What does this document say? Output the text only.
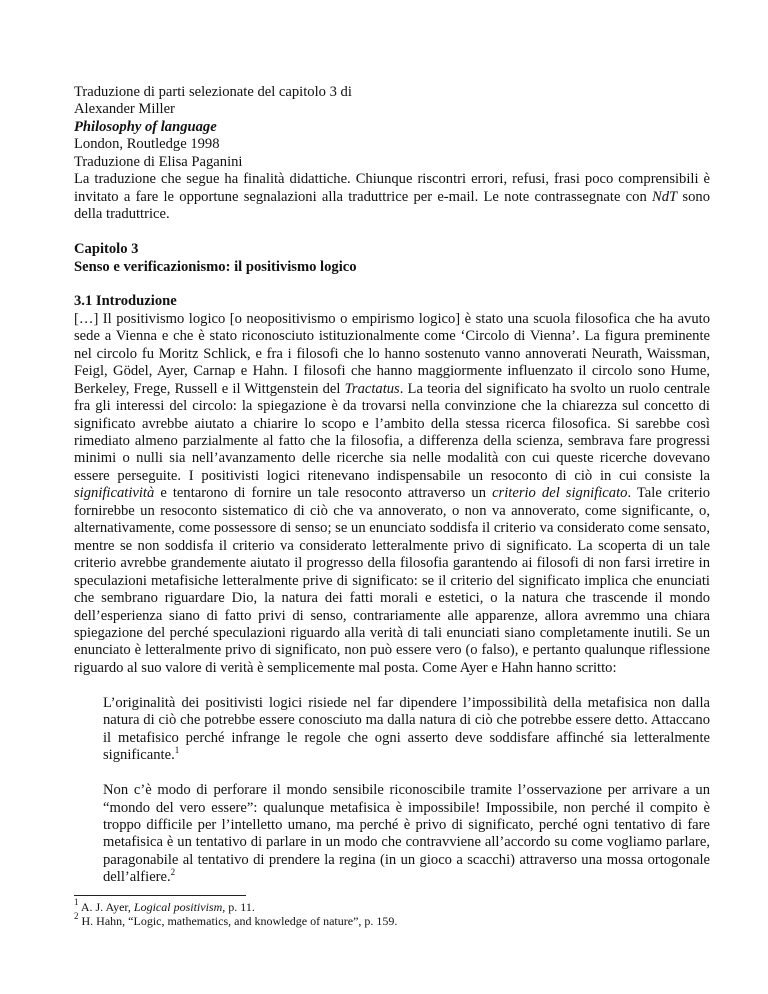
Traduzione di parti selezionate del capitolo 3 di
Alexander Miller
Philosophy of language
London, Routledge 1998
Traduzione di Elisa Paganini
La traduzione che segue ha finalità didattiche. Chiunque riscontri errori, refusi, frasi poco comprensibili è invitato a fare le opportune segnalazioni alla traduttrice per e-mail. Le note contrassegnate con NdT sono della traduttrice.
Capitolo 3
Senso e verificazionismo: il positivismo logico
3.1 Introduzione
[…] Il positivismo logico [o neopositivismo o empirismo logico] è stato una scuola filosofica che ha avuto sede a Vienna e che è stato riconosciuto istituzionalmente come ‘Circolo di Vienna’. La figura preminente nel circolo fu Moritz Schlick, e fra i filosofi che lo hanno sostenuto vanno annoverati Neurath, Waissman, Feigl, Gödel, Ayer, Carnap e Hahn. I filosofi che hanno maggiormente influenzato il circolo sono Hume, Berkeley, Frege, Russell e il Wittgenstein del Tractatus. La teoria del significato ha svolto un ruolo centrale fra gli interessi del circolo: la spiegazione è da trovarsi nella convinzione che la chiarezza sul concetto di significato avrebbe aiutato a chiarire lo scopo e l’ambito della stessa ricerca filosofica. Si sarebbe così rimediato almeno parzialmente al fatto che la filosofia, a differenza della scienza, sembrava fare progressi minimi o nulli sia nell’avanzamento delle ricerche sia nelle modalità con cui queste ricerche dovevano essere perseguite. I positivisti logici ritenevano indispensabile un resoconto di ciò in cui consiste la significatività e tentarono di fornire un tale resoconto attraverso un criterio del significato. Tale criterio fornirebbe un resoconto sistematico di ciò che va annoverato, o non va annoverato, come significante, o, alternativamente, come possessore di senso; se un enunciato soddisfa il criterio va considerato come sensato, mentre se non soddisfa il criterio va considerato letteralmente privo di significato. La scoperta di un tale criterio avrebbe grandemente aiutato il progresso della filosofia garantendo ai filosofi di non farsi irretire in speculazioni metafisiche letteralmente prive di significato: se il criterio del significato implica che enunciati che sembrano riguardare Dio, la natura dei fatti morali e estetici, o la natura che trascende il mondo dell’esperienza siano di fatto privi di senso, contrariamente alle apparenze, allora avremmo una chiara spiegazione del perché speculazioni riguardo alla verità di tali enunciati siano completamente inutili. Se un enunciato è letteralmente privo di significato, non può essere vero (o falso), e pertanto qualunque riflessione riguardo al suo valore di verità è semplicemente mal posta. Come Ayer e Hahn hanno scritto:
L’originalità dei positivisti logici risiede nel far dipendere l’impossibilità della metafisica non dalla natura di ciò che potrebbe essere conosciuto ma dalla natura di ciò che potrebbe essere detto. Attaccano il metafisico perché infrange le regole che ogni asserto deve soddisfare affinché sia letteralmente significante.$^1$
Non c’è modo di perforare il mondo sensibile riconoscibile tramite l’osservazione per arrivare a un “mondo del vero essere”: qualunque metafisica è impossibile! Impossibile, non perché il compito è troppo difficile per l’intelletto umano, ma perché è privo di significato, perché ogni tentativo di fare metafisica è un tentativo di parlare in un modo che contravviene all’accordo su come vogliamo parlare, paragonabile al tentativo di prendere la regina (in un gioco a scacchi) attraverso una mossa ortogonale dell’alfiere.$^2$
$^1$ A. J. Ayer, Logical positivism, p. 11.
$^2$ H. Hahn, “Logic, mathematics, and knowledge of nature”, p. 159.
